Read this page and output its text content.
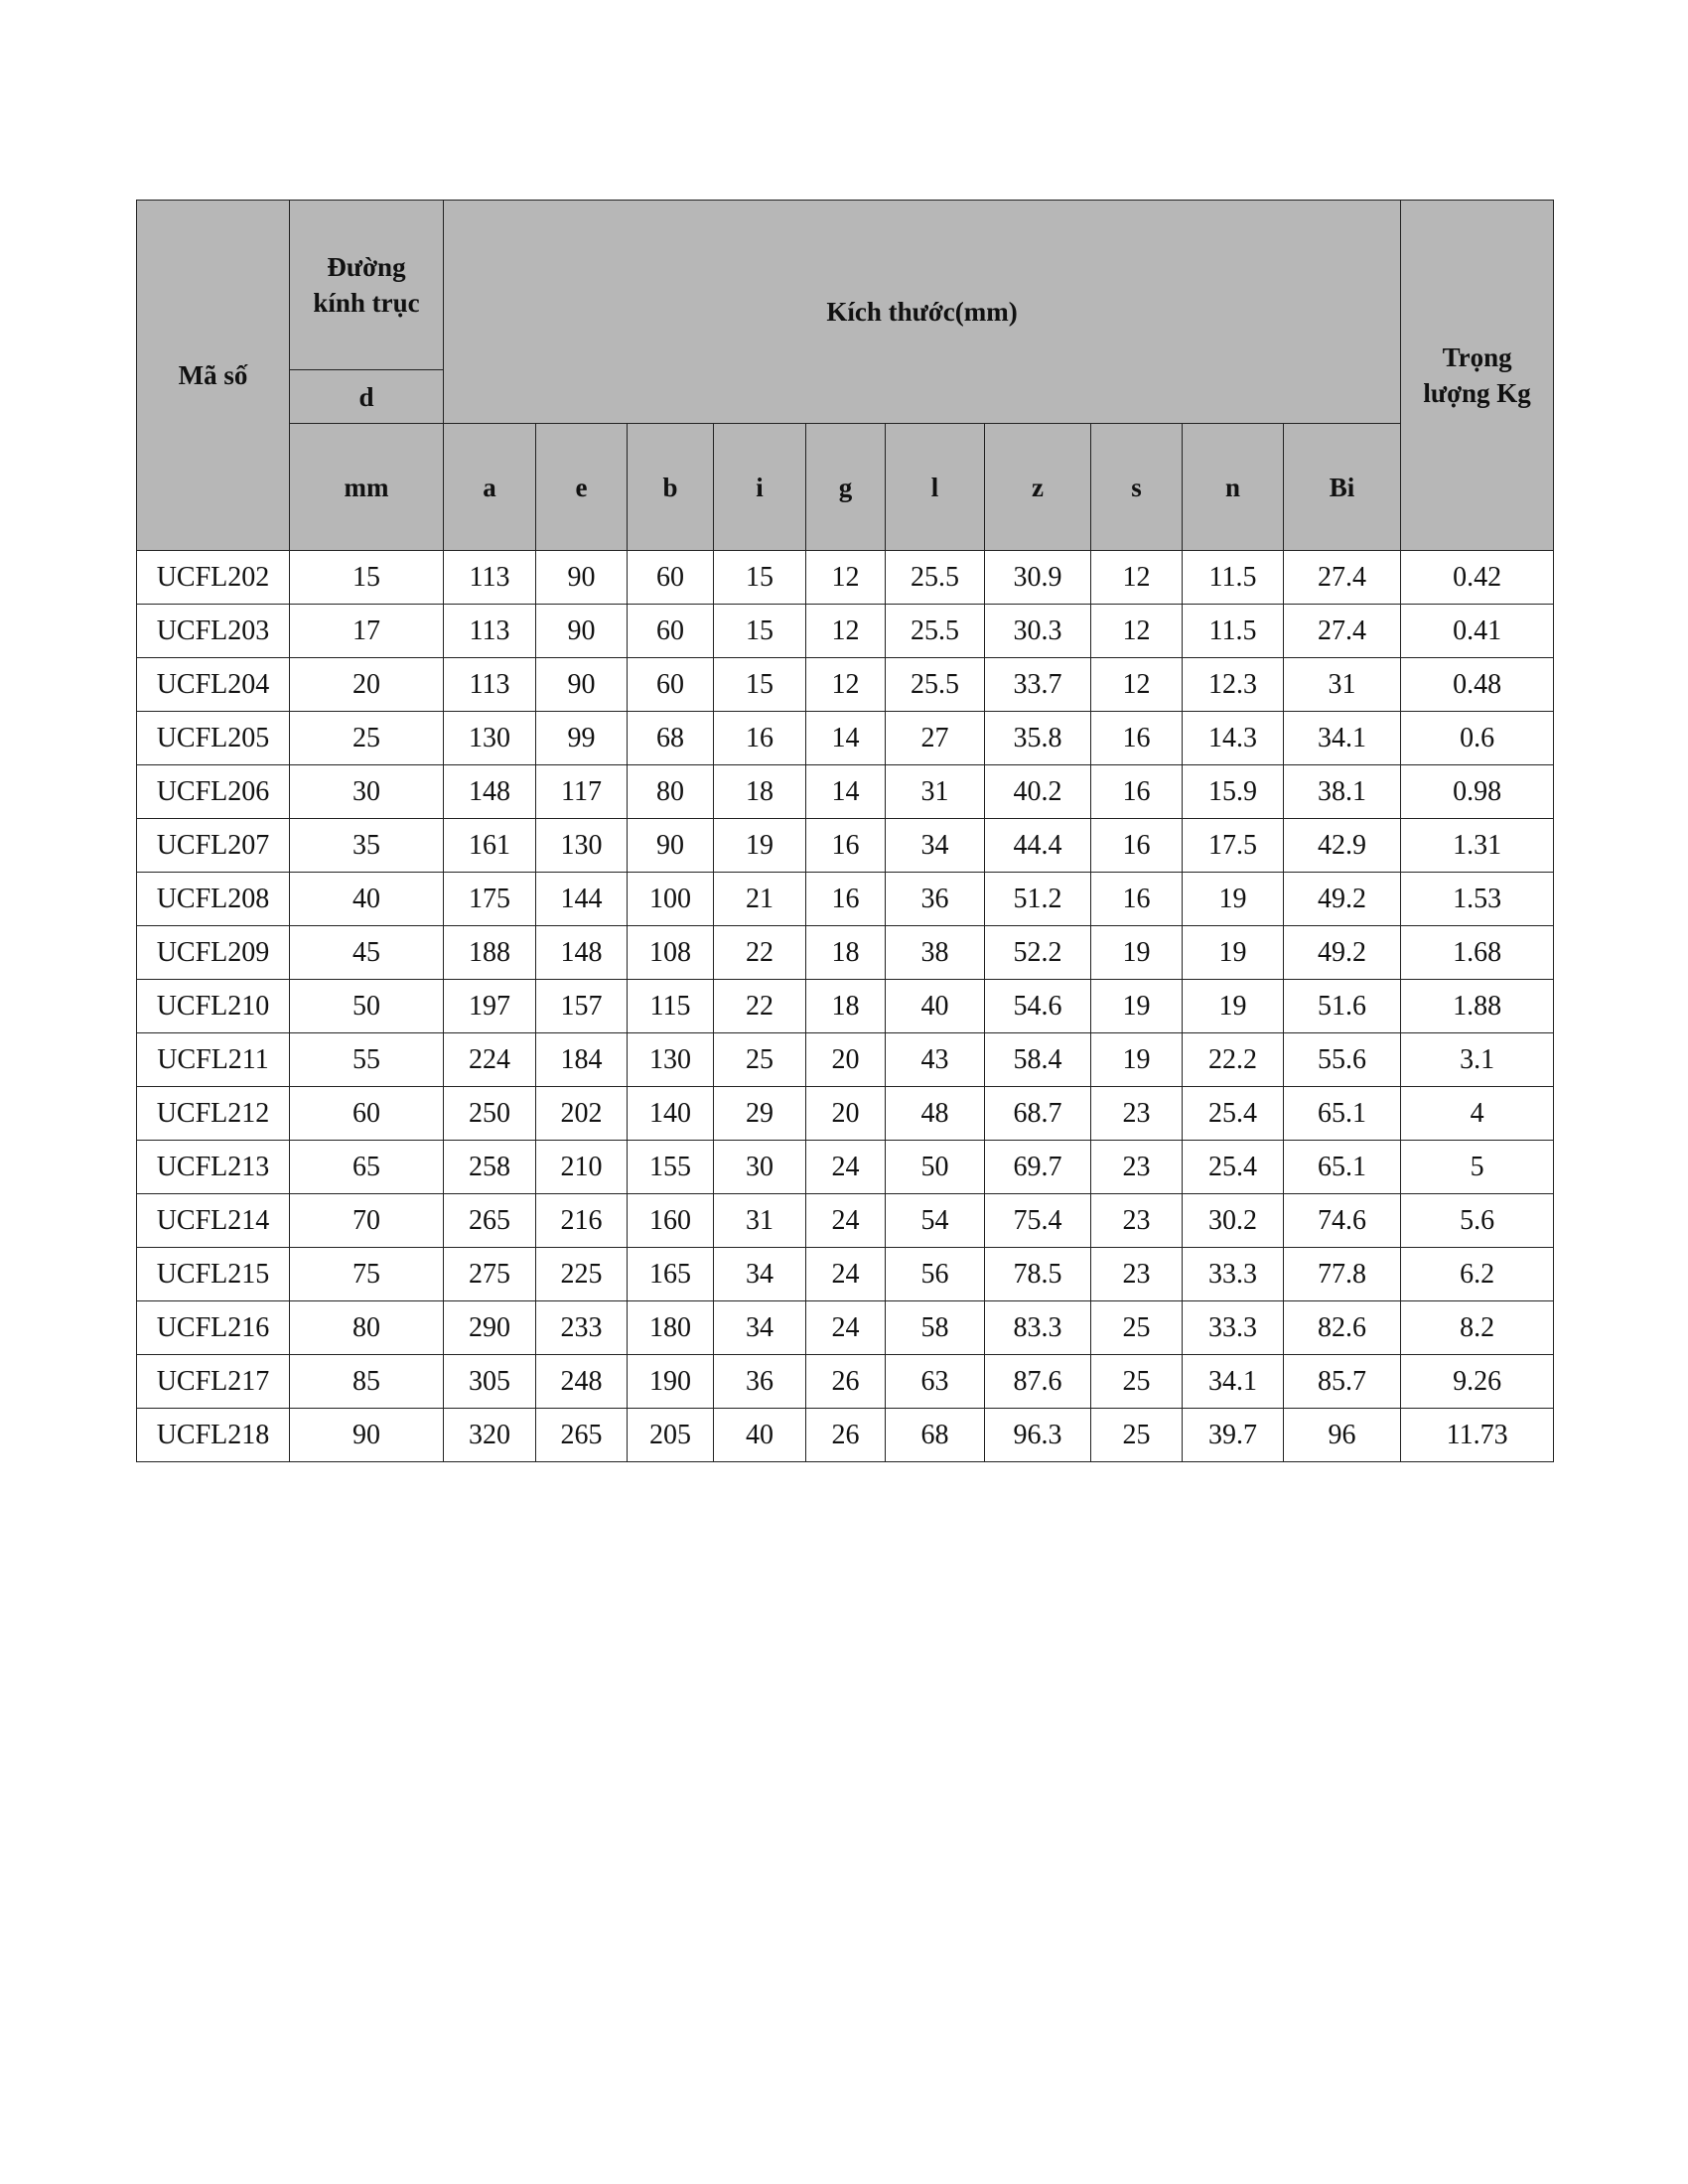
Mã số	Đường
kính trục	Kích thước(mm)										Trọng
lượng Kg
	d											
	mm	a	e	b	i	g	l	z	s	n	Bi	
UCFL202	15	113	90	60	15	12	25.5	30.9	12	11.5	27.4	0.42
UCFL203	17	113	90	60	15	12	25.5	30.3	12	11.5	27.4	0.41
UCFL204	20	113	90	60	15	12	25.5	33.7	12	12.3	31	0.48
UCFL205	25	130	99	68	16	14	27	35.8	16	14.3	34.1	0.6
UCFL206	30	148	117	80	18	14	31	40.2	16	15.9	38.1	0.98
UCFL207	35	161	130	90	19	16	34	44.4	16	17.5	42.9	1.31
UCFL208	40	175	144	100	21	16	36	51.2	16	19	49.2	1.53
UCFL209	45	188	148	108	22	18	38	52.2	19	19	49.2	1.68
UCFL210	50	197	157	115	22	18	40	54.6	19	19	51.6	1.88
UCFL211	55	224	184	130	25	20	43	58.4	19	22.2	55.6	3.1
UCFL212	60	250	202	140	29	20	48	68.7	23	25.4	65.1	4
UCFL213	65	258	210	155	30	24	50	69.7	23	25.4	65.1	5
UCFL214	70	265	216	160	31	24	54	75.4	23	30.2	74.6	5.6
UCFL215	75	275	225	165	34	24	56	78.5	23	33.3	77.8	6.2
UCFL216	80	290	233	180	34	24	58	83.3	25	33.3	82.6	8.2
UCFL217	85	305	248	190	36	26	63	87.6	25	34.1	85.7	9.26
UCFL218	90	320	265	205	40	26	68	96.3	25	39.7	96	11.73
